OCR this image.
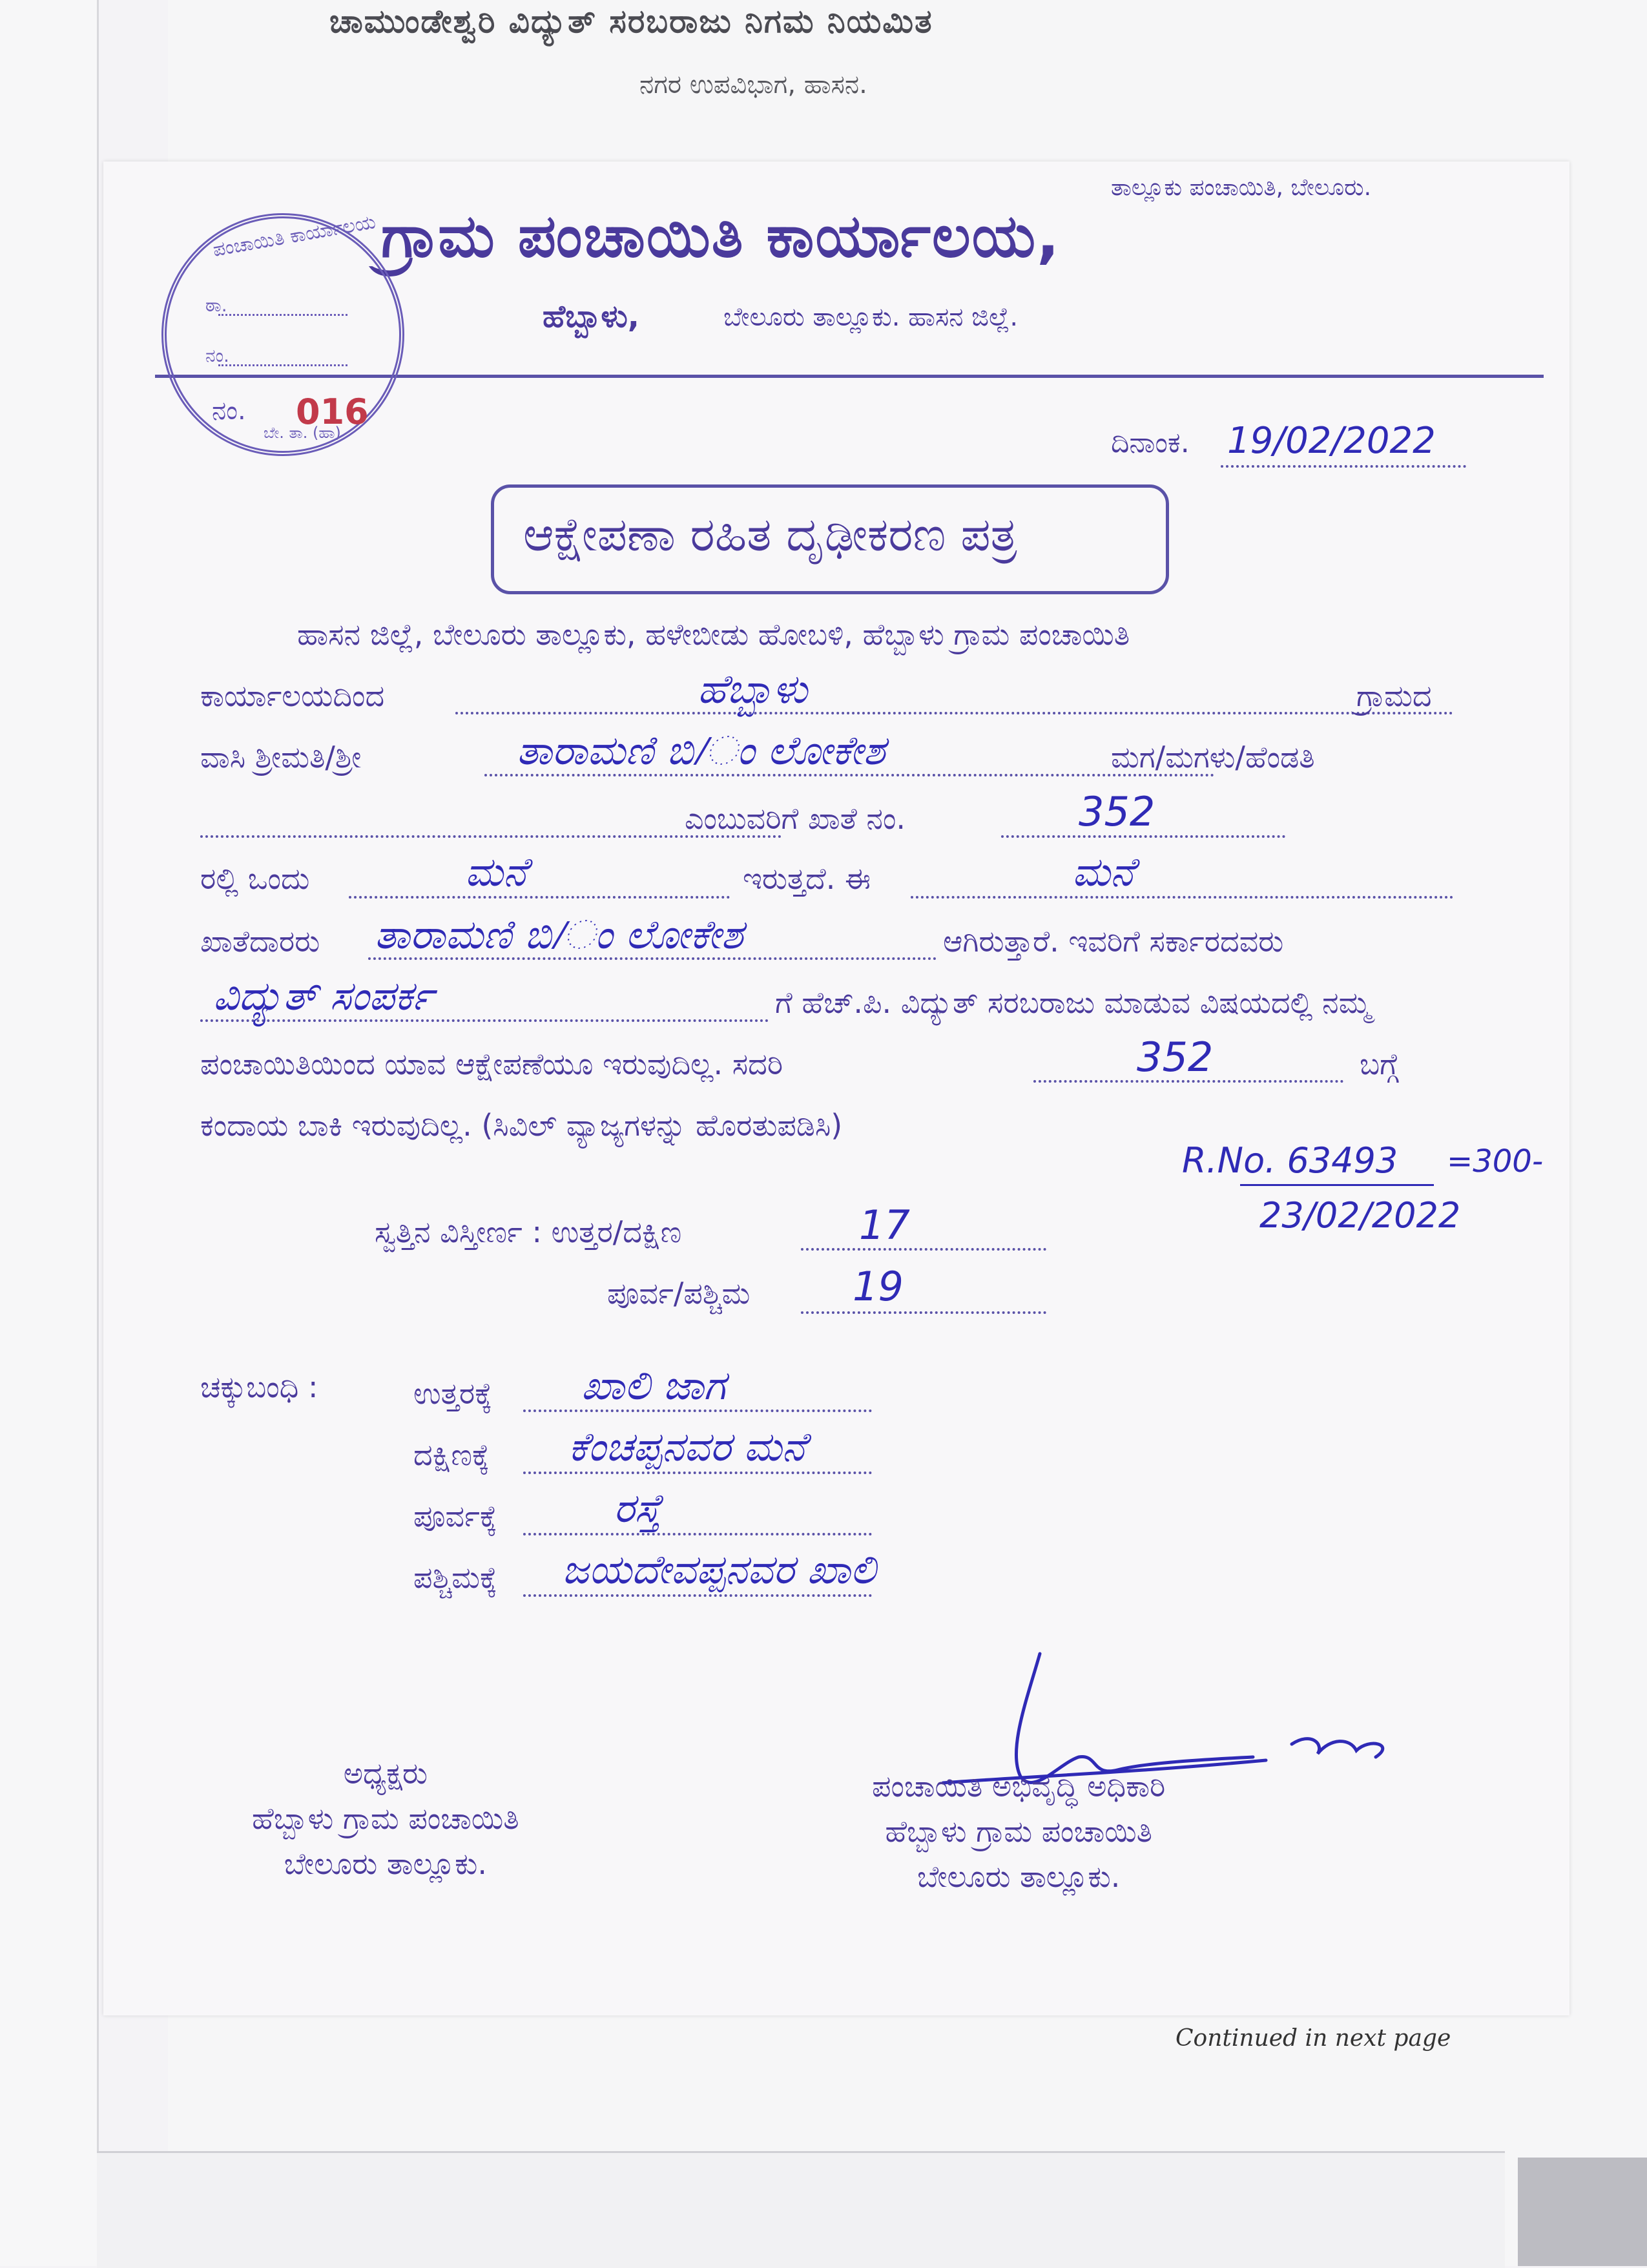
ಚಾಮುಂಡೇಶ್ವರಿ ವಿದ್ಯುತ್ ಸರಬರಾಜು ನಿಗಮ ನಿಯಮಿತ
ನಗರ ಉಪವಿಭಾಗ, ಹಾಸನ.
ತಾಲ್ಲೂಕು ಪಂಚಾಯಿತಿ, ಬೇಲೂರು.
ಗ್ರಾಮ ಪಂಚಾಯಿತಿ ಕಾರ್ಯಾಲಯ,
ಹೆಬ್ಬಾಳು,	ಬೇಲೂರು ತಾಲ್ಲೂಕು. ಹಾಸನ ಜಿಲ್ಲೆ.
ಪಂಚಾಯಿತಿ ಕಾರ್ಯಾಲಯ
ಠಾ.
ನಂ.
ನಂ. 016
ಬೇ. ತಾ. (ಹಾ)	ದಿನಾಂಕ. 19/02/2022
ಆಕ್ಷೇಪಣಾ ರಹಿತ ದೃಢೀಕರಣ ಪತ್ರ
ಹಾಸನ ಜಿಲ್ಲೆ, ಬೇಲೂರು ತಾಲ್ಲೂಕು, ಹಳೇಬೀಡು ಹೋಬಳಿ, ಹೆಬ್ಬಾಳು ಗ್ರಾಮ ಪಂಚಾಯಿತಿ
ಕಾರ್ಯಾಲಯದಿಂದ	ಹೆಬ್ಬಾಳು	ಗ್ರಾಮದ
ವಾಸಿ ಶ್ರೀಮತಿ/ಶ್ರೀ	ತಾರಾಮಣಿ ಬಿ/ಂ ಲೋಕೇಶ	ಮಗ/ಮಗಳು/ಹೆಂಡತಿ
ಎಂಬುವರಿಗೆ ಖಾತೆ ನಂ.	352
ರಲ್ಲಿ ಒಂದು	ಮನೆ	ಇರುತ್ತದೆ. ಈ	ಮನೆ
ಖಾತೆದಾರರು ತಾರಾಮಣಿ ಬಿ/ಂ ಲೋಕೇಶ	ಆಗಿರುತ್ತಾರೆ. ಇವರಿಗೆ ಸರ್ಕಾರದವರು
ವಿದ್ಯುತ್ ಸಂಪರ್ಕ	ಗೆ ಹೆಚ್.ಪಿ. ವಿದ್ಯುತ್ ಸರಬರಾಜು ಮಾಡುವ ವಿಷಯದಲ್ಲಿ ನಮ್ಮ
ಪಂಚಾಯಿತಿಯಿಂದ ಯಾವ ಆಕ್ಷೇಪಣೆಯೂ ಇರುವುದಿಲ್ಲ. ಸದರಿ	352	ಬಗ್ಗೆ
ಕಂದಾಯ ಬಾಕಿ ಇರುವುದಿಲ್ಲ. (ಸಿವಿಲ್ ವ್ಯಾಜ್ಯಗಳನ್ನು ಹೊರತುಪಡಿಸಿ)
R.No. 63493 =300-
23/02/2022
ಸ್ವತ್ತಿನ ವಿಸ್ತೀರ್ಣ : ಉತ್ತರ/ದಕ್ಷಿಣ	17
ಪೂರ್ವ/ಪಶ್ಚಿಮ	19
ಚಕ್ಕುಬಂಧಿ :	ಉತ್ತರಕ್ಕೆ ಖಾಲಿ ಜಾಗ
ದಕ್ಷಿಣಕ್ಕೆ ಕೆಂಚಪ್ಪನವರ ಮನೆ
ಪೂರ್ವಕ್ಕೆ	ರಸ್ತೆ
ಪಶ್ಚಿಮಕ್ಕೆ ಜಯದೇವಪ್ಪನವರ ಖಾಲಿ
ಅಧ್ಯಕ್ಷರು
ಹೆಬ್ಬಾಳು ಗ್ರಾಮ ಪಂಚಾಯಿತಿ
ಬೇಲೂರು ತಾಲ್ಲೂಕು.
ಪಂಚಾಯಿತಿ ಅಭಿವೃದ್ಧಿ ಅಧಿಕಾರಿ
ಹೆಬ್ಬಾಳು ಗ್ರಾಮ ಪಂಚಾಯಿತಿ
ಬೇಲೂರು ತಾಲ್ಲೂಕು.
Continued in next page
